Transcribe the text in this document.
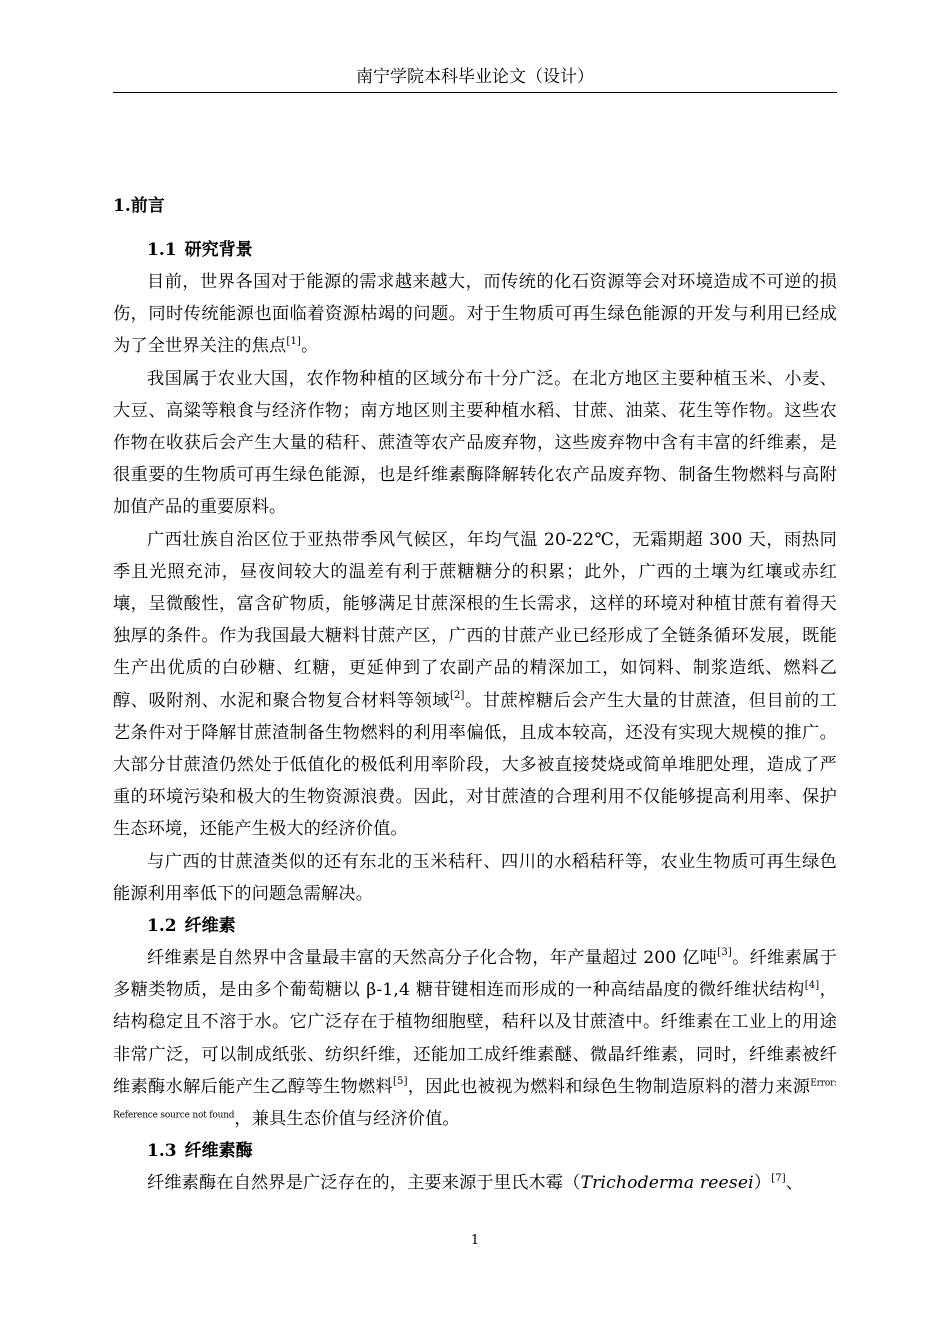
南宁学院本科毕业论文（设计）
1.前言
1.1 研究背景

目前，世界各国对于能源的需求越来越大，而传统的化石资源等会对环境造成不可逆的损伤，同时传统能源也面临着资源枯竭的问题。对于生物质可再生绿色能源的开发与利用已经成为了全世界关注的焦点[1]。

我国属于农业大国，农作物种植的区域分布十分广泛。在北方地区主要种植玉米、小麦、大豆、高粱等粮食与经济作物；南方地区则主要种植水稻、甘蔗、油菜、花生等作物。这些农作物在收获后会产生大量的秸秆、蔗渣等农产品废弃物，这些废弃物中含有丰富的纤维素，是很重要的生物质可再生绿色能源，也是纤维素酶降解转化农产品废弃物、制备生物燃料与高附加值产品的重要原料。

广西壮族自治区位于亚热带季风气候区，年均气温 20-22℃，无霜期超 300 天，雨热同季且光照充沛，昼夜间较大的温差有利于蔗糖糖分的积累；此外，广西的土壤为红壤或赤红壤，呈微酸性，富含矿物质，能够满足甘蔗深根的生长需求，这样的环境对种植甘蔗有着得天独厚的条件。作为我国最大糖料甘蔗产区，广西的甘蔗产业已经形成了全链条循环发展，既能生产出优质的白砂糖、红糖，更延伸到了农副产品的精深加工，如饲料、制浆造纸、燃料乙醇、吸附剂、水泥和聚合物复合材料等领域[2]。甘蔗榨糖后会产生大量的甘蔗渣，但目前的工艺条件对于降解甘蔗渣制备生物燃料的利用率偏低，且成本较高，还没有实现大规模的推广。大部分甘蔗渣仍然处于低值化的极低利用率阶段，大多被直接焚烧或简单堆肥处理，造成了严重的环境污染和极大的生物资源浪费。因此，对甘蔗渣的合理利用不仅能够提高利用率、保护生态环境，还能产生极大的经济价值。

与广西的甘蔗渣类似的还有东北的玉米秸秆、四川的水稻秸秆等，农业生物质可再生绿色能源利用率低下的问题急需解决。

1.2 纤维素

纤维素是自然界中含量最丰富的天然高分子化合物，年产量超过 200 亿吨[3]。纤维素属于多糖类物质，是由多个葡萄糖以 β-1,4 糖苷键相连而形成的一种高结晶度的微纤维状结构[4]，结构稳定且不溶于水。它广泛存在于植物细胞壁，秸秆以及甘蔗渣中。纤维素在工业上的用途非常广泛，可以制成纸张、纺织纤维，还能加工成纤维素醚、微晶纤维素，同时，纤维素被纤维素酶水解后能产生乙醇等生物燃料[5]，因此也被视为燃料和绿色生物制造原料的潜力来源$^{Error: Reference source not found}$，兼具生态价值与经济价值。

1.3 纤维素酶

纤维素酶在自然界是广泛存在的，主要来源于里氏木霉（Trichoderma reesei）[7]、

1
